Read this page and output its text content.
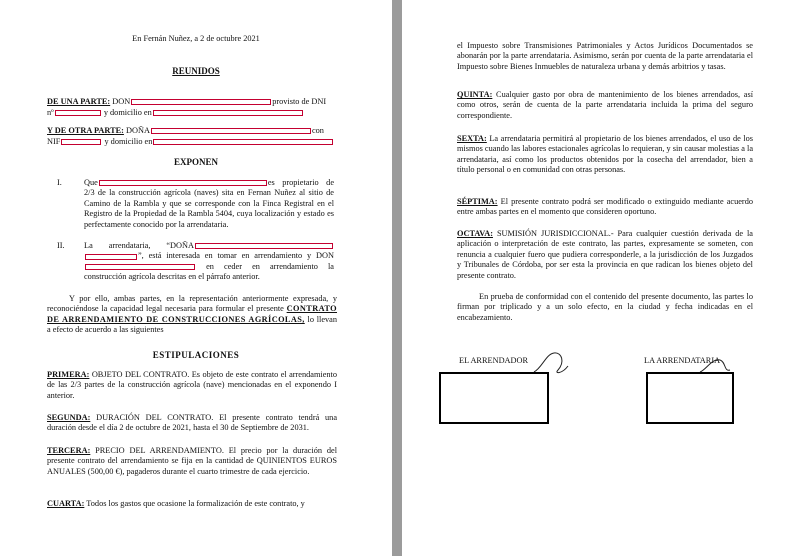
En Fernán Nuñez, a 2 de octubre 2021
REUNIDOS
DE UNA PARTE: DON	provisto de DNI
nº	y domicilio en
Y DE OTRA PARTE: DOÑA	con
NIF	y domicilio en
EXPONEN
I.	Que	es propietario de 2/3 de la construcción agrícola (naves) sita en Fernan Nuñez al sitio de Camino de la Rambla y que se corresponde con la Finca Registral en el Registro de la Propiedad de la Rambla 5404, cuya localización y estado es perfectamente conocido por la arrendataria.
II. La arrendataria, “DOÑA ”, está interesada en tomar en arrendamiento y DON  en ceder en arrendamiento la construcción agrícola descritas en el párrafo anterior.
Y por ello, ambas partes, en la representación anteriormente expresada, y reconociéndose la capacidad legal necesaria para formular el presente CONTRATO DE ARRENDAMIENTO DE CONSTRUCCIONES AGRÍCOLAS, lo llevan a efecto de acuerdo a las siguientes
ESTIPULACIONES
PRIMERA: OBJETO DEL CONTRATO. Es objeto de este contrato el arrendamiento de las 2/3 partes de la construcción agrícola (nave) mencionadas en el exponendo I anterior.
SEGUNDA: DURACIÓN DEL CONTRATO. El presente contrato tendrá una duración desde el día 2 de octubre de 2021, hasta el 30 de Septiembre de 2031.
TERCERA: PRECIO DEL ARRENDAMIENTO. El precio por la duración del presente contrato del arrendamiento se fija en la cantidad de QUINIENTOS EUROS ANUALES (500,00 €), pagaderos durante el cuarto trimestre de cada ejercicio.
CUARTA: Todos los gastos que ocasione la formalización de este contrato, y
el Impuesto sobre Transmisiones Patrimoniales y Actos Jurídicos Documentados se abonarán por la parte arrendataria. Asimismo, serán por cuenta de la parte arrendataria el Impuesto sobre Bienes Inmuebles de naturaleza urbana y demás arbitrios y tasas.
QUINTA: Cualquier gasto por obra de mantenimiento de los bienes arrendados, así como otros, serán de cuenta de la parte arrendataria incluida la prima del seguro correspondiente.
SEXTA: La arrendataria permitirá al propietario de los bienes arrendados, el uso de los mismos cuando las labores estacionales agrícolas lo requieran, y sin causar molestias a la arrendataria, así como los productos obtenidos por la cosecha del arrendador, bien a título personal o en comunidad con otras personas.
SÉPTIMA: El presente contrato podrá ser modificado o extinguido mediante acuerdo entre ambas partes en el momento que consideren oportuno.
OCTAVA: SUMISIÓN JURISDICCIONAL.- Para cualquier cuestión derivada de la aplicación o interpretación de este contrato, las partes, expresamente se someten, con renuncia a cualquier fuero que pudiera corresponderle, a la jurisdicción de los Juzgados y Tribunales de Córdoba, por ser esta la provincia en que radican los bienes objeto del presente contrato.
En prueba de conformidad con el contenido del presente documento, las partes lo firman por triplicado y a un solo efecto, en la ciudad y fecha indicadas en el encabezamiento.
EL ARRENDADOR	LA ARRENDATARIA
